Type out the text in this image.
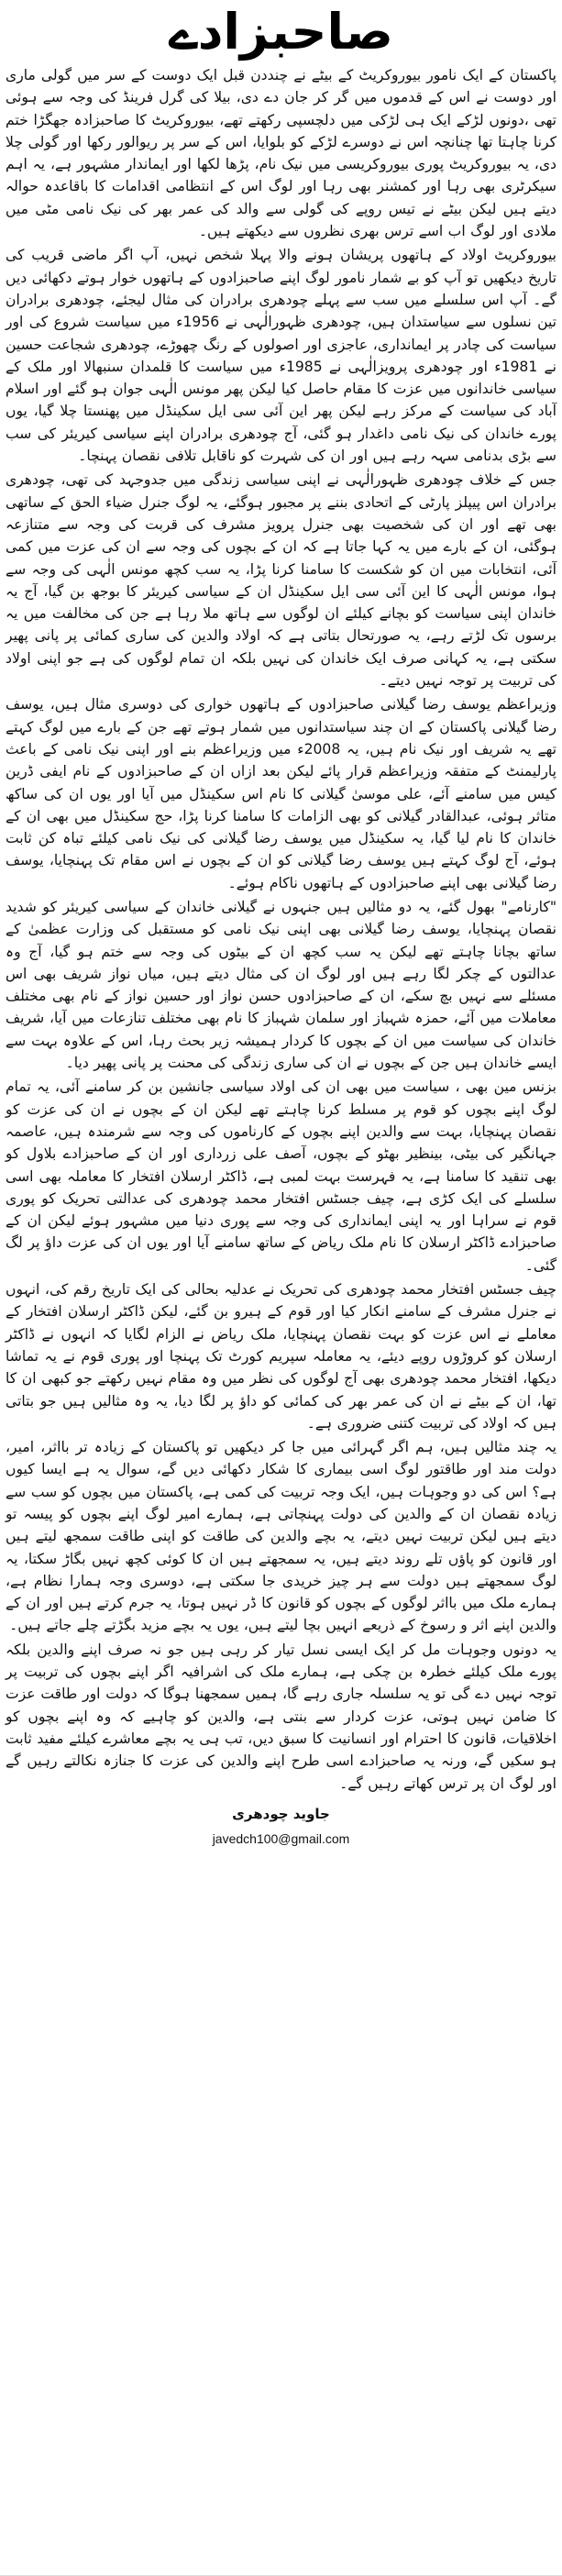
صاحبزادے

پاکستان کے ایک نامور بیوروکریٹ کے بیٹے نے چنددن قبل ایک دوست کے سر میں گولی ماری اور دوست نے اس کے قدموں میں گر کر جان دے دی، بیلا کی گرل فرینڈ کی وجہ سے ہوئی تھی ،دونوں لڑکے ایک ہی لڑکی میں دلچسپی رکھتے تھے، بیوروکریٹ کا صاحبزادہ جھگڑا ختم کرنا چاہتا تھا چنانچہ اس نے دوسرے لڑکے کو بلوایا، اس کے سر پر ریوالور رکھا اور گولی چلا دی، یہ بیوروکریٹ پوری بیوروکریسی میں نیک نام، پڑھا لکھا اور ایماندار مشہور ہے، یہ اہم سیکرٹری بھی رہا اور کمشنر بھی رہا اور لوگ اس کے انتظامی اقدامات کا باقاعدہ حوالہ دیتے ہیں لیکن بیٹے نے تیس روپے کی گولی سے والد کی عمر بھر کی نیک نامی مٹی میں ملادی اور لوگ اب اسے ترس بھری نظروں سے دیکھتے ہیں۔

بیوروکریٹ اولاد کے ہاتھوں پریشان ہونے والا پہلا شخص نہیں، آپ اگر ماضی قریب کی تاریخ دیکھیں تو آپ کو بے شمار نامور لوگ اپنے صاحبزادوں کے ہاتھوں خوار ہوتے دکھائی دیں گے۔ آپ اس سلسلے میں سب سے پہلے چودھری برادران کی مثال لیجئے، چودھری برادران تین نسلوں سے سیاستدان ہیں، چودھری ظہورالٰہی نے 1956ء میں سیاست شروع کی اور سیاست کی چادر پر ایمانداری، عاجزی اور اصولوں کے رنگ چھوڑے، چودھری شجاعت حسین نے 1981ء اور چودھری پرویزالٰہی نے 1985ء میں سیاست کا قلمدان سنبھالا اور ملک کے سیاسی خاندانوں میں عزت کا مقام حاصل کیا لیکن پھر مونس الٰہی جوان ہو گئے اور اسلام آباد کی سیاست کے مرکز رہے لیکن پھر این آئی سی ایل سکینڈل میں پھنستا چلا گیا، یوں پورے خاندان کی نیک نامی داغدار ہو گئی، آج چودھری برادران اپنے سیاسی کیریئر کی سب سے بڑی بدنامی سہہ رہے ہیں اور ان کی شہرت کو ناقابل تلافی نقصان پہنچا۔

جس کے خلاف چودھری ظہورالٰہی نے اپنی سیاسی زندگی میں جدوجہد کی تھی، چودھری برادران اس پیپلز پارٹی کے اتحادی بننے پر مجبور ہوگئے، یہ لوگ جنرل ضیاء الحق کے ساتھی بھی تھے اور ان کی شخصیت بھی جنرل پرویز مشرف کی قربت کی وجہ سے متنازعہ ہوگئی، ان کے بارے میں یہ کہا جاتا ہے کہ ان کے بچوں کی وجہ سے ان کی عزت میں کمی آئی، انتخابات میں ان کو شکست کا سامنا کرنا پڑا، یہ سب کچھ مونس الٰہی کی وجہ سے ہوا، مونس الٰہی کا این آئی سی ایل سکینڈل ان کے سیاسی کیریئر کا بوجھ بن گیا، آج یہ خاندان اپنی سیاست کو بچانے کیلئے ان لوگوں سے ہاتھ ملا رہا ہے جن کی مخالفت میں یہ برسوں تک لڑتے رہے، یہ صورتحال بتاتی ہے کہ اولاد والدین کی ساری کمائی پر پانی پھیر سکتی ہے، یہ کہانی صرف ایک خاندان کی نہیں بلکہ ان تمام لوگوں کی ہے جو اپنی اولاد کی تربیت پر توجہ نہیں دیتے۔

وزیراعظم یوسف رضا گیلانی صاحبزادوں کے ہاتھوں خواری کی دوسری مثال ہیں، یوسف رضا گیلانی پاکستان کے ان چند سیاستدانوں میں شمار ہوتے تھے جن کے بارے میں لوگ کہتے تھے یہ شریف اور نیک نام ہیں، یہ 2008ء میں وزیراعظم بنے اور اپنی نیک نامی کے باعث پارلیمنٹ کے متفقہ وزیراعظم قرار پائے لیکن بعد ازاں ان کے صاحبزادوں کے نام ایفی ڈرین کیس میں سامنے آئے، علی موسیٰ گیلانی کا نام اس سکینڈل میں آیا اور یوں ان کی ساکھ متاثر ہوئی، عبدالقادر گیلانی کو بھی الزامات کا سامنا کرنا پڑا، حج سکینڈل میں بھی ان کے خاندان کا نام لیا گیا، یہ سکینڈل میں یوسف رضا گیلانی کی نیک نامی کیلئے تباہ کن ثابت ہوئے، آج لوگ کہتے ہیں یوسف رضا گیلانی کو ان کے بچوں نے اس مقام تک پہنچایا، یوسف رضا گیلانی بھی اپنے صاحبزادوں کے ہاتھوں ناکام ہوئے۔

"کارنامے" بھول گئے، یہ دو مثالیں ہیں جنہوں نے گیلانی خاندان کے سیاسی کیریئر کو شدید نقصان پہنچایا، یوسف رضا گیلانی بھی اپنی نیک نامی کو مستقبل کی وزارت عظمیٰ کے ساتھ بچانا چاہتے تھے لیکن یہ سب کچھ ان کے بیٹوں کی وجہ سے ختم ہو گیا، آج وہ عدالتوں کے چکر لگا رہے ہیں اور لوگ ان کی مثال دیتے ہیں، میاں نواز شریف بھی اس مسئلے سے نہیں بچ سکے، ان کے صاحبزادوں حسن نواز اور حسین نواز کے نام بھی مختلف معاملات میں آئے، حمزہ شہباز اور سلمان شہباز کا نام بھی مختلف تنازعات میں آیا، شریف خاندان کی سیاست میں ان کے بچوں کا کردار ہمیشہ زیر بحث رہا، اس کے علاوہ بہت سے ایسے خاندان ہیں جن کے بچوں نے ان کی ساری زندگی کی محنت پر پانی پھیر دیا۔

بزنس مین بھی ، سیاست میں بھی ان کی اولاد سیاسی جانشین بن کر سامنے آئی، یہ تمام لوگ اپنے بچوں کو قوم پر مسلط کرنا چاہتے تھے لیکن ان کے بچوں نے ان کی عزت کو نقصان پہنچایا، بہت سے والدین اپنے بچوں کے کارناموں کی وجہ سے شرمندہ ہیں، عاصمہ جہانگیر کی بیٹی، بینظیر بھٹو کے بچوں، آصف علی زرداری اور ان کے صاحبزادے بلاول کو بھی تنقید کا سامنا ہے، یہ فہرست بہت لمبی ہے، ڈاکٹر ارسلان افتخار کا معاملہ بھی اسی سلسلے کی ایک کڑی ہے، چیف جسٹس افتخار محمد چودھری کی عدالتی تحریک کو پوری قوم نے سراہا اور یہ اپنی ایمانداری کی وجہ سے پوری دنیا میں مشہور ہوئے لیکن ان کے صاحبزادے ڈاکٹر ارسلان کا نام ملک ریاض کے ساتھ سامنے آیا اور یوں ان کی عزت داؤ پر لگ گئی۔

چیف جسٹس افتخار محمد چودھری کی تحریک نے عدلیہ بحالی کی ایک تاریخ رقم کی، انہوں نے جنرل مشرف کے سامنے انکار کیا اور قوم کے ہیرو بن گئے، لیکن ڈاکٹر ارسلان افتخار کے معاملے نے اس عزت کو بہت نقصان پہنچایا، ملک ریاض نے الزام لگایا کہ انہوں نے ڈاکٹر ارسلان کو کروڑوں روپے دیئے، یہ معاملہ سپریم کورٹ تک پہنچا اور پوری قوم نے یہ تماشا دیکھا، افتخار محمد چودھری بھی آج لوگوں کی نظر میں وہ مقام نہیں رکھتے جو کبھی ان کا تھا، ان کے بیٹے نے ان کی عمر بھر کی کمائی کو داؤ پر لگا دیا، یہ وہ مثالیں ہیں جو بتاتی ہیں کہ اولاد کی تربیت کتنی ضروری ہے۔

یہ چند مثالیں ہیں، ہم اگر گہرائی میں جا کر دیکھیں تو پاکستان کے زیادہ تر بااثر، امیر، دولت مند اور طاقتور لوگ اسی بیماری کا شکار دکھائی دیں گے، سوال یہ ہے ایسا کیوں ہے؟ اس کی دو وجوہات ہیں، ایک وجہ تربیت کی کمی ہے، پاکستان میں بچوں کو سب سے زیادہ نقصان ان کے والدین کی دولت پہنچاتی ہے، ہمارے امیر لوگ اپنے بچوں کو پیسہ تو دیتے ہیں لیکن تربیت نہیں دیتے، یہ بچے والدین کی طاقت کو اپنی طاقت سمجھ لیتے ہیں اور قانون کو پاؤں تلے روند دیتے ہیں، یہ سمجھتے ہیں ان کا کوئی کچھ نہیں بگاڑ سکتا، یہ لوگ سمجھتے ہیں دولت سے ہر چیز خریدی جا سکتی ہے، دوسری وجہ ہمارا نظام ہے، ہمارے ملک میں بااثر لوگوں کے بچوں کو قانون کا ڈر نہیں ہوتا، یہ جرم کرتے ہیں اور ان کے والدین اپنے اثر و رسوخ کے ذریعے انہیں بچا لیتے ہیں، یوں یہ بچے مزید بگڑتے چلے جاتے ہیں۔

یہ دونوں وجوہات مل کر ایک ایسی نسل تیار کر رہی ہیں جو نہ صرف اپنے والدین بلکہ پورے ملک کیلئے خطرہ بن چکی ہے، ہمارے ملک کی اشرافیہ اگر اپنے بچوں کی تربیت پر توجہ نہیں دے گی تو یہ سلسلہ جاری رہے گا، ہمیں سمجھنا ہوگا کہ دولت اور طاقت عزت کا ضامن نہیں ہوتی، عزت کردار سے بنتی ہے، والدین کو چاہیے کہ وہ اپنے بچوں کو اخلاقیات، قانون کا احترام اور انسانیت کا سبق دیں، تب ہی یہ بچے معاشرے کیلئے مفید ثابت ہو سکیں گے، ورنہ یہ صاحبزادے اسی طرح اپنے والدین کی عزت کا جنازہ نکالتے رہیں گے اور لوگ ان پر ترس کھاتے رہیں گے۔

جاوید چودھری
javedch100@gmail.com
